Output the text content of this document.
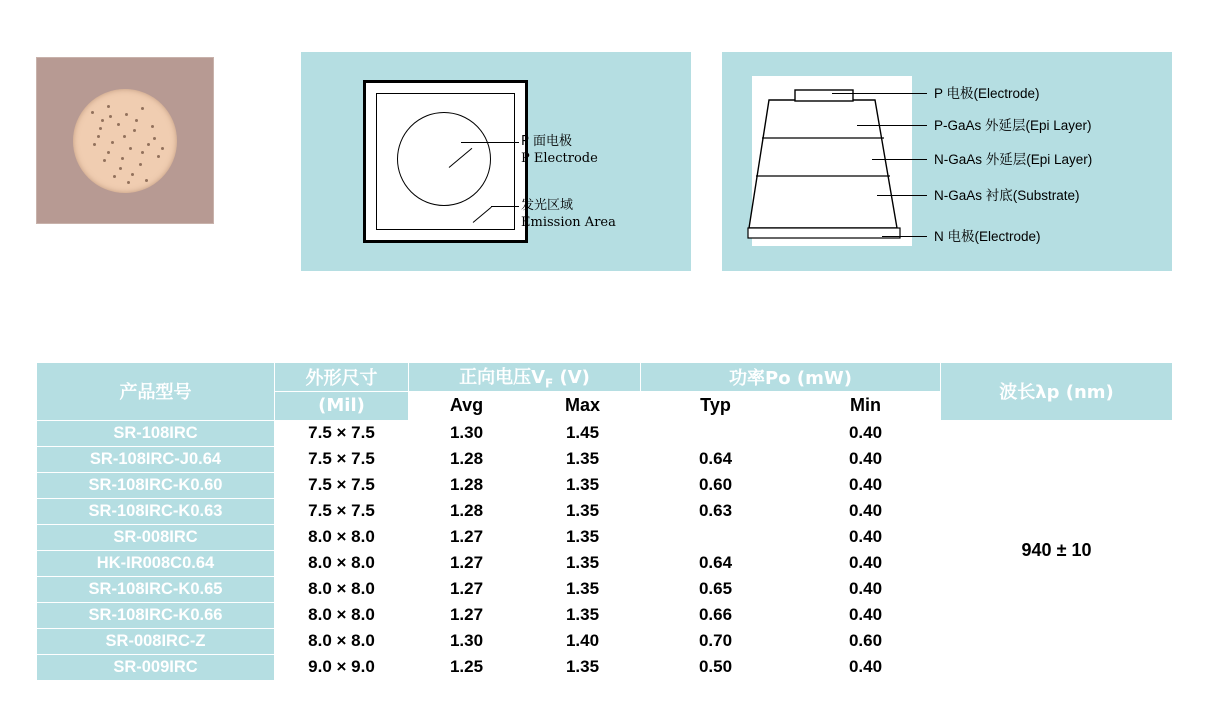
P 面电极
P Electrode
发光区域
Emission Area
P 电极(Electrode)
P-GaAs 外延层(Epi Layer)
N-GaAs 外延层(Epi Layer)
N-GaAs 衬底(Substrate)
N 电极(Electrode)
产品型号	外形尺寸	正向电压$V_F$ (V)		功率Po (mW)		波长λp (nm)
	(Mil)	Avg	Max	Typ	Min	
SR-108IRC	7.5 × 7.5	1.30	1.45		0.40	940 ± 10
SR-108IRC-J0.64	7.5 × 7.5	1.28	1.35	0.64	0.40	
SR-108IRC-K0.60	7.5 × 7.5	1.28	1.35	0.60	0.40	
SR-108IRC-K0.63	7.5 × 7.5	1.28	1.35	0.63	0.40	
SR-008IRC	8.0 × 8.0	1.27	1.35		0.40	
HK-IR008C0.64	8.0 × 8.0	1.27	1.35	0.64	0.40	
SR-108IRC-K0.65	8.0 × 8.0	1.27	1.35	0.65	0.40	
SR-108IRC-K0.66	8.0 × 8.0	1.27	1.35	0.66	0.40	
SR-008IRC-Z	8.0 × 8.0	1.30	1.40	0.70	0.60	
SR-009IRC	9.0 × 9.0	1.25	1.35	0.50	0.40	
